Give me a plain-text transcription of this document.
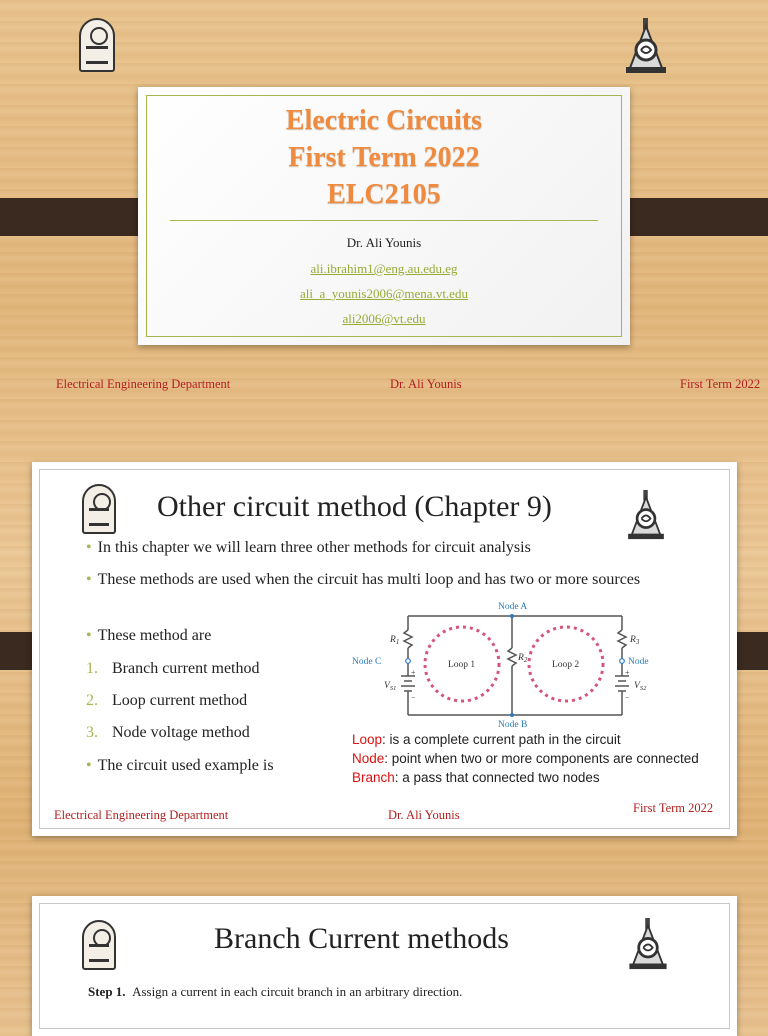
Electric Circuits
First Term 2022
ELC2105
Dr. Ali Younis
ali.ibrahim1@eng.au.edu.eg
ali_a_younis2006@mena.vt.edu
ali2006@vt.edu
Electrical Engineering Department	Dr. Ali Younis	First Term 2022
Other circuit method (Chapter 9)
• In this chapter we will learn three other methods for circuit analysis
• These methods are used when the circuit has multi loop and has two or more sources
• These method are
1. Branch current method
2. Loop current method
3. Node voltage method
• The circuit used example is
Node A
Node B
Node C	Node
Loop 1	Loop 2
$R_1$
$R_2$
$R_3$
$V_{S1}$	$V_{S2}$
+
−
+
−
Loop: is a complete current path in the circuit
Node: point when two or more components are connected
Branch: a pass that connected two nodes
Electrical Engineering Department	Dr. Ali Younis	First Term 2022
Branch Current methods
Step 1. Assign a current in each circuit branch in an arbitrary direction.
